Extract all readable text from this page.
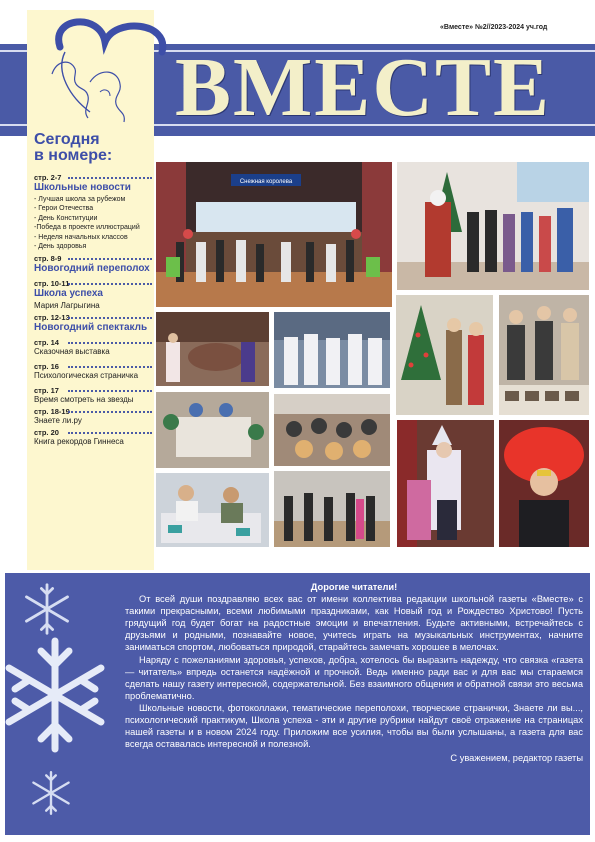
«Вместе» №2//2023-2024 уч.год
ВМЕСТЕ
Сегодня
в номере:
стр. 2-7
Школьные новости
- Лучшая школа за рубежом
- Герои Отечества
- День Конституции
-Победа в проекте иллюстраций
- Неделя начальных классов
- День здоровья
стр. 8-9
Новогодний переполох
стр. 10-11
Школа успеха
Мария Лагрыгина
стр. 12-13
Новогодний спектакль
стр. 14
Сказочная выставка
стр. 16
Психологическая страничка
стр. 17
Время смотреть на звезды
стр. 18-19
Знаете ли.ру
стр. 20
Книга рекордов Гиннеса
Снежная королева
Дорогие читатели!
От всей души поздравляю всех вас от имени коллектива редакции школьной газеты «Вместе» с такими прекрасными, всеми любимыми праздниками, как Новый год и Рождество Христово! Пусть грядущий год будет богат на радостные эмоции и впечатления. Будьте активными, встречайтесь с друзьями и родными, познавайте новое, учитесь играть на музыкальных инструментах, начните заниматься спортом, любоваться природой, старайтесь замечать хорошее в мелочах.
Наряду с пожеланиями здоровья, успехов, добра, хотелось бы выразить надежду, что связка «газета — читатель» впредь останется надёжной и прочной. Ведь именно ради вас и для вас мы стараемся сделать нашу газету интересной, содержательной. Без взаимного общения и обратной связи это весьма проблематично.
Школьные новости, фотоколлажи, тематические переполохи, творческие странички, Знаете ли вы..., психологический практикум, Школа успеха - эти и другие рубрики найдут своё отражение на страницах нашей газеты и в новом 2024 году. Приложим все усилия, чтобы вы были услышаны, а газета для вас всегда оставалась интересной и полезной.
С уважением, редактор газеты
